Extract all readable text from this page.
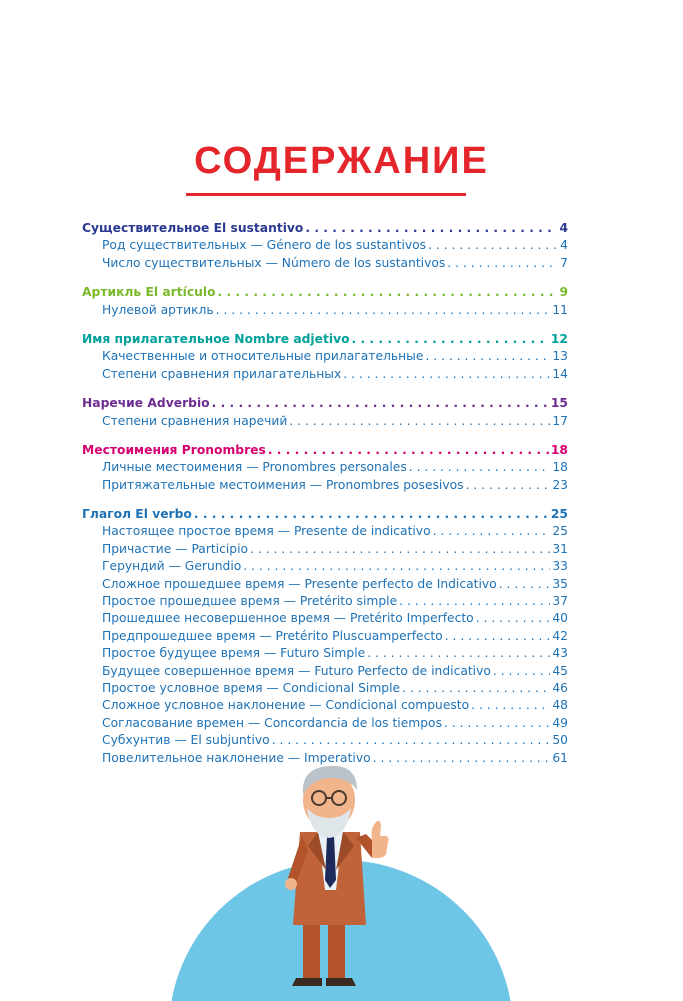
СОДЕРЖАНИЕ
Существительное El sustantivo . . .	4
Род существительных — Género de los sustantivos . . .	4
Число существительных — Número de los sustantivos . . .	7
Артикль El artículo . . .	9
Нулевой артикль . . .	11
Имя прилагательное Nombre adjetivo . . .	12
Качественные и относительные прилагательные . . .	13
Степени сравнения прилагательных . . .	14
Наречие Adverbio . . .	15
Степени сравнения наречий . . .	17
Местоимения Pronombres . . .	18
Личные местоимения — Pronombres personales . . .	18
Притяжательные местоимения — Pronombres posesivos . . .	23
Глагол El verbo . . .	25
Настоящее простое время — Presente de indicativo . . .	25
Причастие — Participio . . .	31
Герундий — Gerundio . . .	33
Сложное прошедшее время — Presente perfecto de Indicativo . . .	35
Простое прошедшее время — Pretérito simple . . .	37
Прошедшее несовершенное время — Pretérito Imperfecto . . .	40
Предпрошедшее время — Pretérito Pluscuamperfecto . . .	42
Простое будущее время — Futuro Simple . . .	43
Будущее совершенное время — Futuro Perfecto de indicativo . . .	45
Простое условное время — Condicional Simple . . .	46
Сложное условное наклонение — Condicional compuesto . . .	48
Согласование времен — Concordancia de los tiempos . . .	49
Субхунтив — El subjuntivo . . .	50
Повелительное наклонение — Imperativo . . .	61
